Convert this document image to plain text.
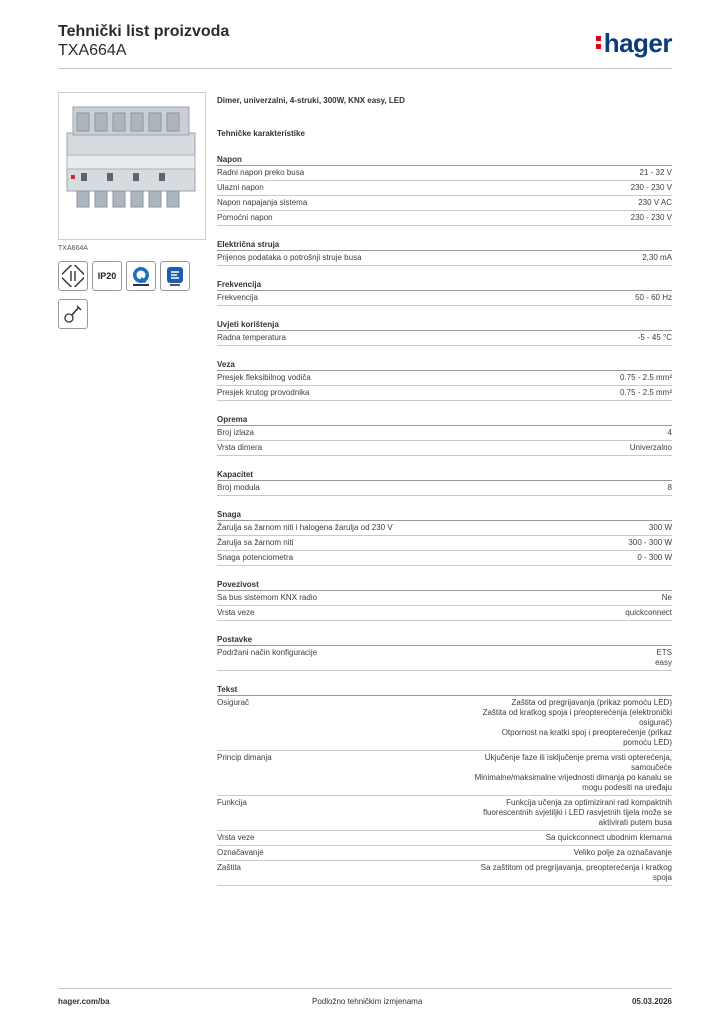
Tehnički list proizvoda
TXA664A	hager
TXA664A
IP20
Dimer, univerzalni, 4-struki, 300W, KNX easy, LED
Tehničke karakteristike
Napon
Radni napon preko busa	21 - 32 V
Ulazni napon	230 - 230 V
Napon napajanja sistema	230 V AC
Pomoćni napon	230 - 230 V
Električna struja
Prijenos podataka o potrošnji struje busa	2,30 mA
Frekvencija
Frekvencija	50 - 60 Hz
Uvjeti korištenja
Radna temperatura	-5 - 45 °C
Veza
Presjek fleksibilnog vodiča	0.75 - 2.5 mm²
Presjek krutog provodnika	0.75 - 2.5 mm²
Oprema
Broj izlaza	4
Vrsta dimera	Univerzalno
Kapacitet
Broj modula	8
Snaga
Žarulja sa žarnom niti i halogena žarulja od 230 V	300 W
Žarulja sa žarnom niti	300 - 300 W
Snaga potenciometra	0 - 300 W
Povezivost
Sa bus sistemom KNX radio	Ne
Vrsta veze	quickconnect
Postavke
Podržani način konfiguracije	ETS
easy
Tekst
Osigurač	Zaštita od pregrijavanja (prikaz pomoću LED)
Zaštita od kratkog spoja i preopterećenja (elektronički
osigurač)
Otpornost na kratki spoj i preopterećenje (prikaz
pomoću LED)
Princip dimanja	Ukjučenje faze ili isključenje prema vrsti opterećenja,
samoučeće
Minimalne/maksimalne vrijednosti dimanja po kanalu se
mogu podesiti na uređaju
Funkcija	Funkcija učenja za optimizirani rad kompaktnih
fluorescentnih svjetiljki i LED rasvjetnih tijela može se
aktivirati putem busa
Vrsta veze	Sa quickconnect ubodnim klemama
Označavanje	Veliko polje za označavanje
Zaštita	Sa zaštitom od pregrijavanja, preopterećenja i kratkog
spoja
hager.com/ba	Podložno tehničkim izmjenama	05.03.2026
